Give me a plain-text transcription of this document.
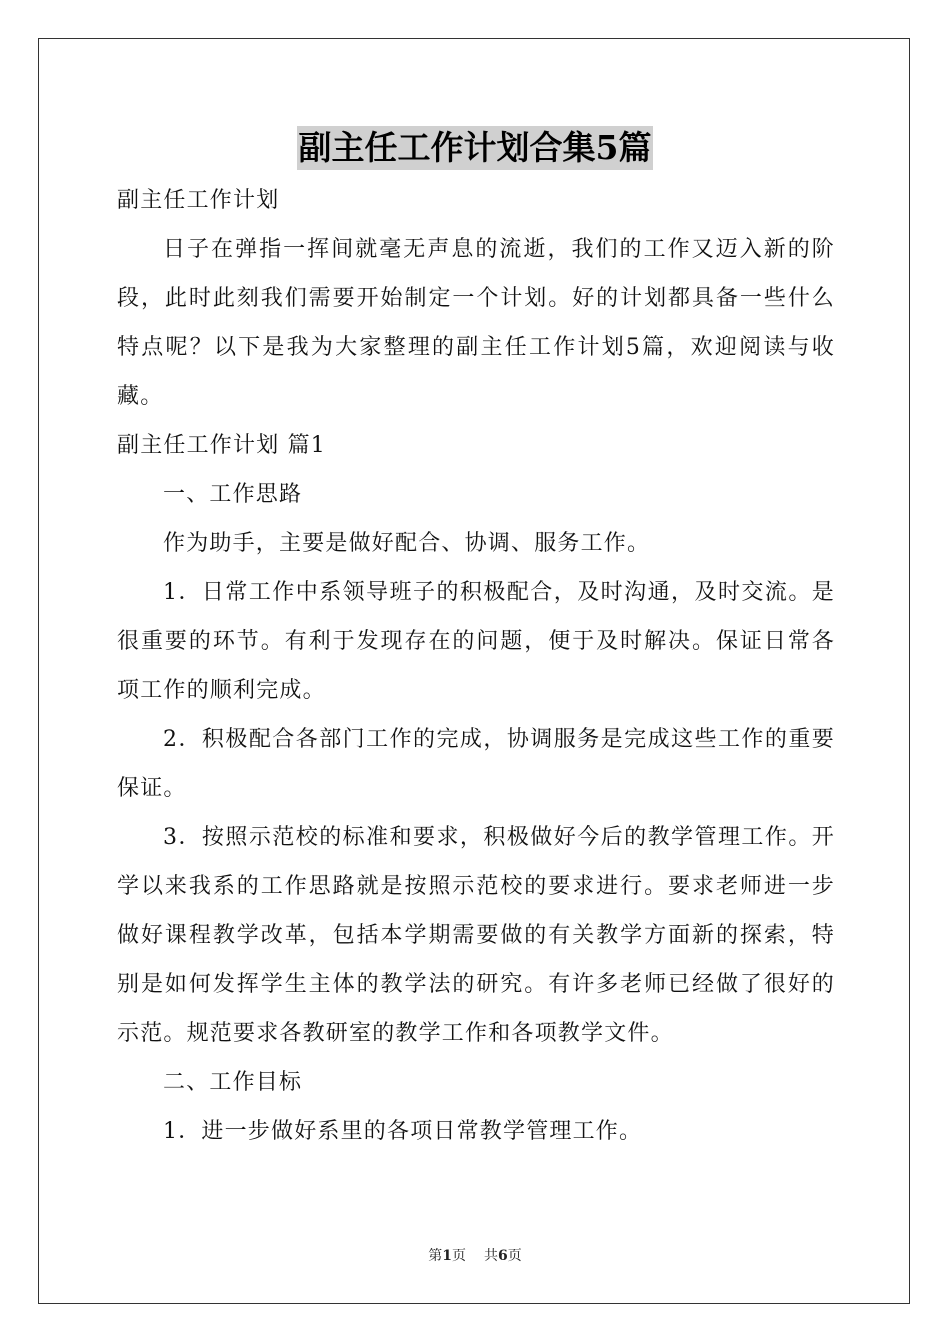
副主任工作计划合集5篇

副主任工作计划

日子在弹指一挥间就毫无声息的流逝，我们的工作又迈入新的阶段，此时此刻我们需要开始制定一个计划。好的计划都具备一些什么特点呢？以下是我为大家整理的副主任工作计划5篇，欢迎阅读与收藏。

副主任工作计划 篇1

一、工作思路

作为助手，主要是做好配合、协调、服务工作。

1．日常工作中系领导班子的积极配合，及时沟通，及时交流。是很重要的环节。有利于发现存在的问题，便于及时解决。保证日常各项工作的顺利完成。

2．积极配合各部门工作的完成，协调服务是完成这些工作的重要保证。

3．按照示范校的标准和要求，积极做好今后的教学管理工作。开学以来我系的工作思路就是按照示范校的要求进行。要求老师进一步做好课程教学改革，包括本学期需要做的有关教学方面新的探索，特别是如何发挥学生主体的教学法的研究。有许多老师已经做了很好的示范。规范要求各教研室的教学工作和各项教学文件。

二、工作目标

1．进一步做好系里的各项日常教学管理工作。

第1页 共6页
